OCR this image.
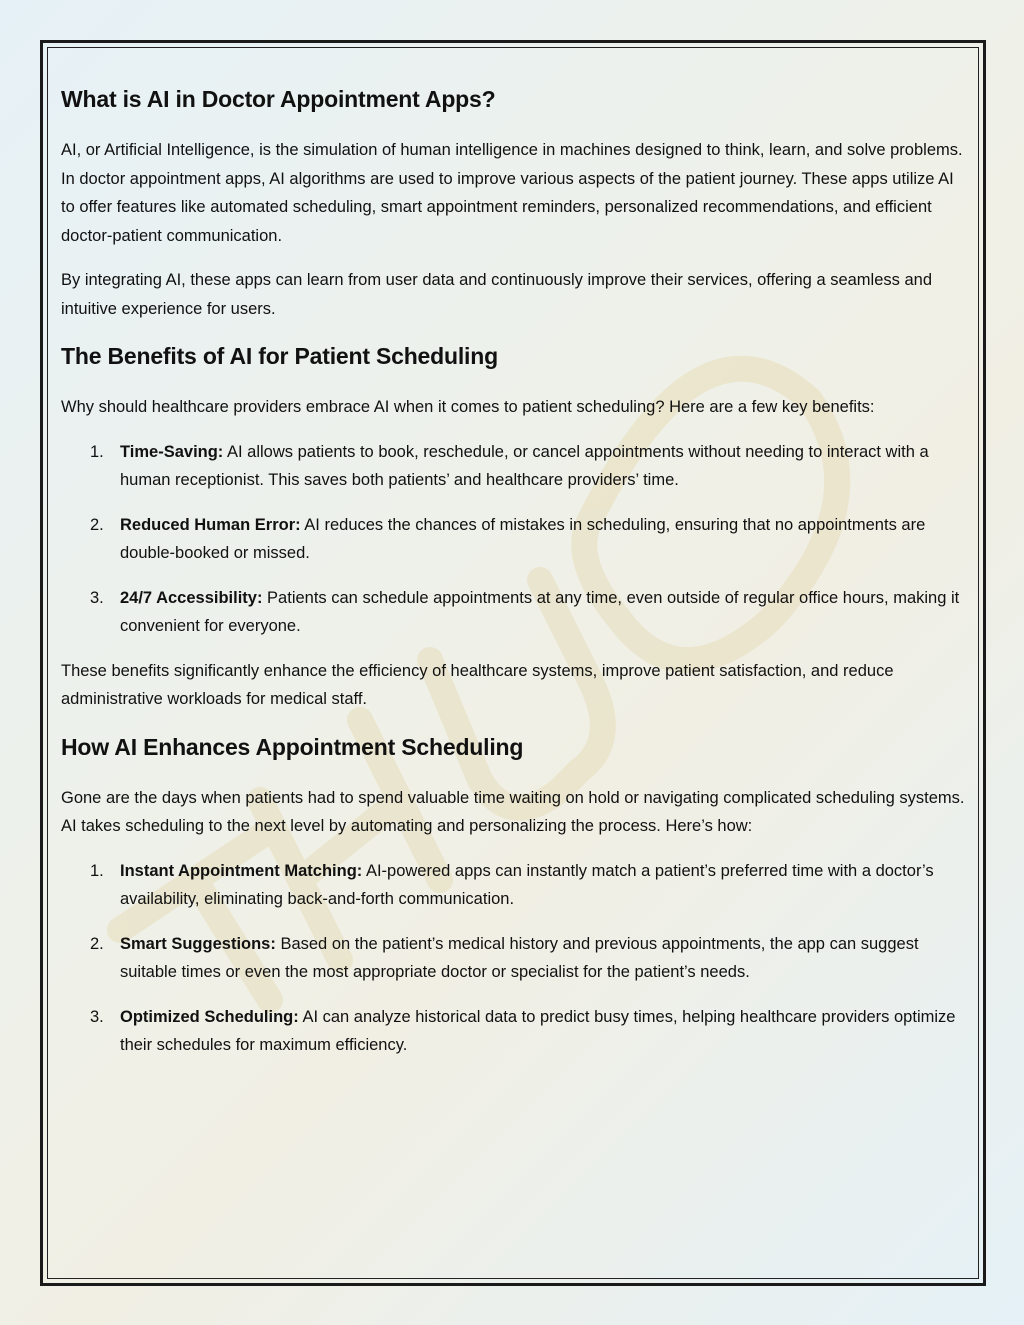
What is AI in Doctor Appointment Apps?

AI, or Artificial Intelligence, is the simulation of human intelligence in machines designed to think, learn, and solve problems. In doctor appointment apps, AI algorithms are used to improve various aspects of the patient journey. These apps utilize AI to offer features like automated scheduling, smart appointment reminders, personalized recommendations, and efficient doctor-patient communication.

By integrating AI, these apps can learn from user data and continuously improve their services, offering a seamless and intuitive experience for users.

The Benefits of AI for Patient Scheduling

Why should healthcare providers embrace AI when it comes to patient scheduling? Here are a few key benefits:

1. Time-Saving: AI allows patients to book, reschedule, or cancel appointments without needing to interact with a human receptionist. This saves both patients’ and healthcare providers’ time.
2. Reduced Human Error: AI reduces the chances of mistakes in scheduling, ensuring that no appointments are double-booked or missed.
3. 24/7 Accessibility: Patients can schedule appointments at any time, even outside of regular office hours, making it convenient for everyone.

These benefits significantly enhance the efficiency of healthcare systems, improve patient satisfaction, and reduce administrative workloads for medical staff.

How AI Enhances Appointment Scheduling

Gone are the days when patients had to spend valuable time waiting on hold or navigating complicated scheduling systems. AI takes scheduling to the next level by automating and personalizing the process. Here’s how:

1. Instant Appointment Matching: AI-powered apps can instantly match a patient’s preferred time with a doctor’s availability, eliminating back-and-forth communication.
2. Smart Suggestions: Based on the patient’s medical history and previous appointments, the app can suggest suitable times or even the most appropriate doctor or specialist for the patient’s needs.
3. Optimized Scheduling: AI can analyze historical data to predict busy times, helping healthcare providers optimize their schedules for maximum efficiency.
